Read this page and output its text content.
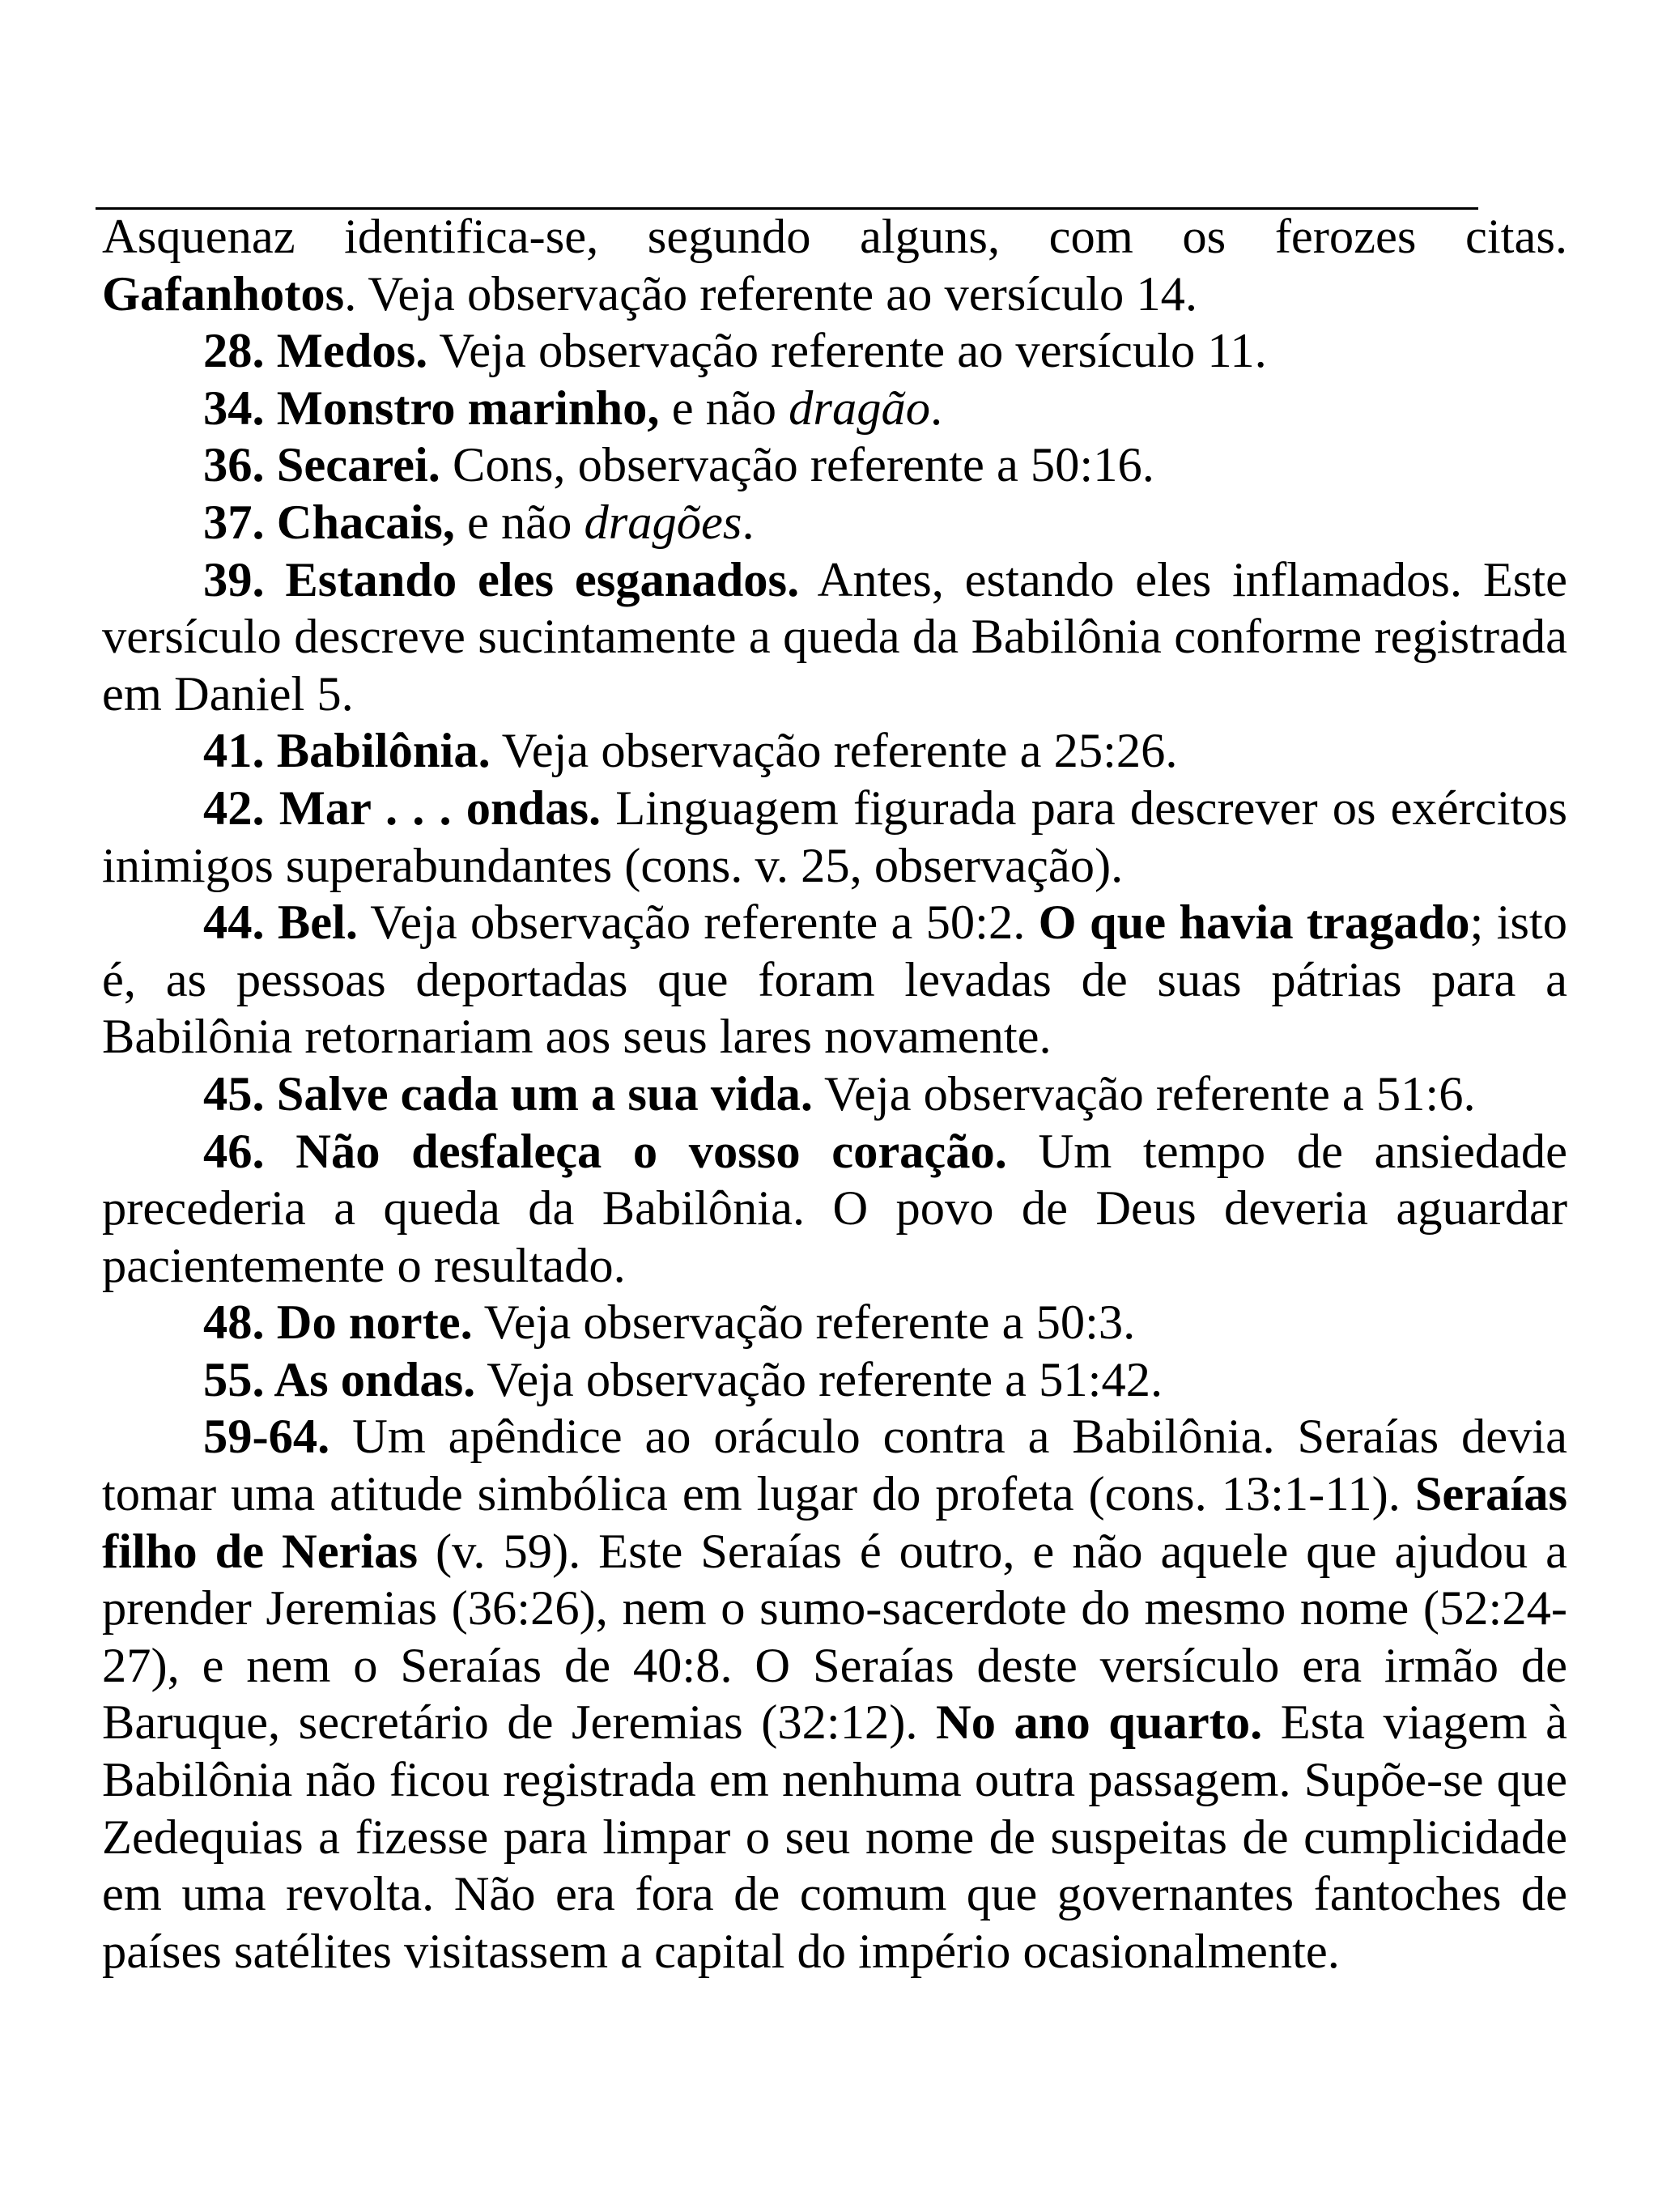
Asquenaz identifica-se, segundo alguns, com os ferozes citas. Gafanhotos. Veja observação referente ao versículo 14.

28. Medos. Veja observação referente ao versículo 11.

34. Monstro marinho, e não dragão.

36. Secarei. Cons, observação referente a 50:16.

37. Chacais, e não dragões.

39. Estando eles esganados. Antes, estando eles inflamados. Este versículo descreve sucintamente a queda da Babilônia conforme registrada em Daniel 5.

41. Babilônia. Veja observação referente a 25:26.

42. Mar . . . ondas. Linguagem figurada para descrever os exércitos inimigos superabundantes (cons. v. 25, observação).

44. Bel. Veja observação referente a 50:2. O que havia tragado; isto é, as pessoas deportadas que foram levadas de suas pátrias para a Babilônia retornariam aos seus lares novamente.

45. Salve cada um a sua vida. Veja observação referente a 51:6.

46. Não desfaleça o vosso coração. Um tempo de ansiedade precederia a queda da Babilônia. O povo de Deus deveria aguardar pacientemente o resultado.

48. Do norte. Veja observação referente a 50:3.

55. As ondas. Veja observação referente a 51:42.

59-64. Um apêndice ao oráculo contra a Babilônia. Seraías devia tomar uma atitude simbólica em lugar do profeta (cons. 13:1-11). Seraías filho de Nerias (v. 59). Este Seraías é outro, e não aquele que ajudou a prender Jeremias (36:26), nem o sumo-sacerdote do mesmo nome (52:24-27), e nem o Seraías de 40:8. O Seraías deste versículo era irmão de Baruque, secretário de Jeremias (32:12). No ano quarto. Esta viagem à Babilônia não ficou registrada em nenhuma outra passagem. Supõe-se que Zedequias a fizesse para limpar o seu nome de suspeitas de cumplicidade em uma revolta. Não era fora de comum que governantes fantoches de países satélites visitassem a capital do império ocasionalmente.
